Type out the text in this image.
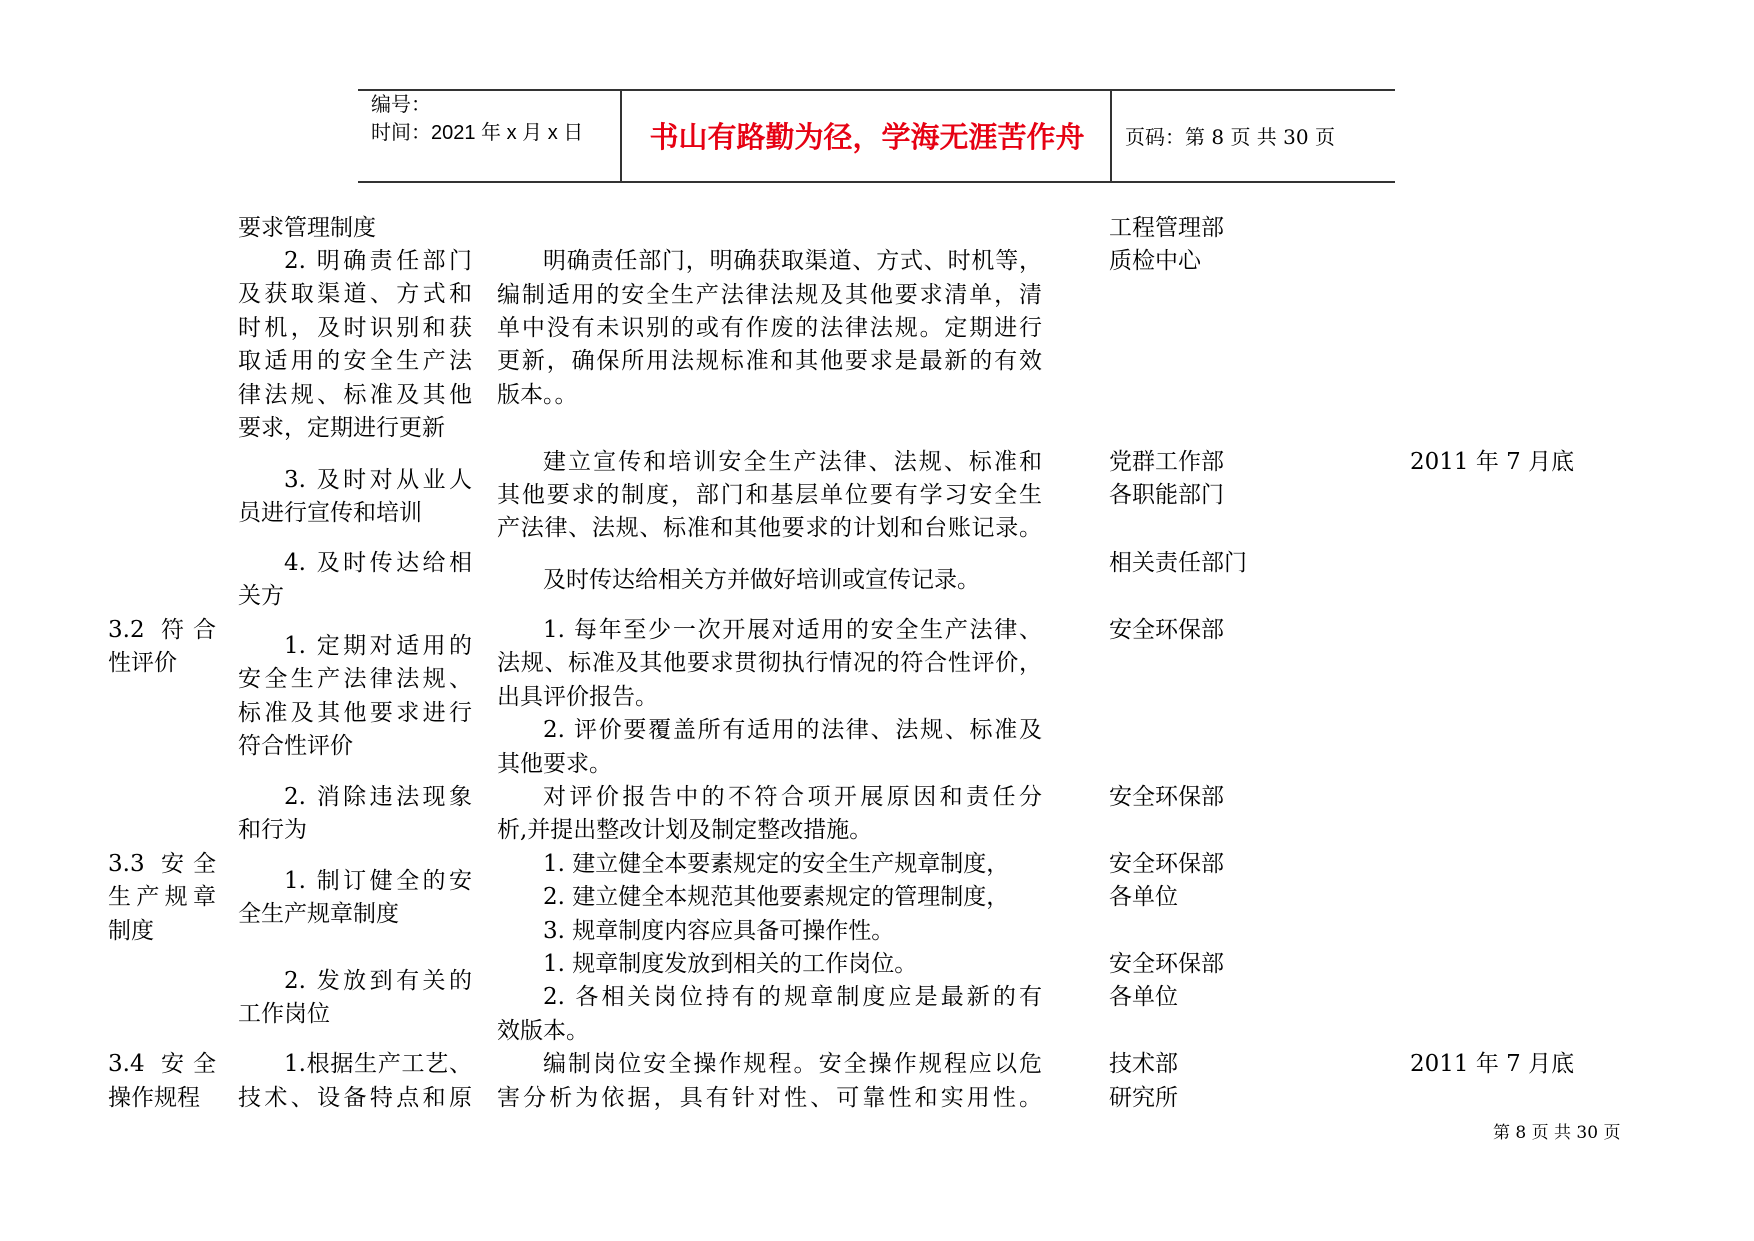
编号：
时间：2021 年 x 月 x 日	书山有路勤为径，学海无涯苦作舟	页码：第 8 页 共 30 页
要求管理制度
2. 明确责任部门
及获取渠道、方式和
时机，及时识别和获
取适用的安全生产法
律法规、标准及其他
要求，定期进行更新
明确责任部门，明确获取渠道、方式、时机等，
编制适用的安全生产法律法规及其他要求清单，清
单中没有未识别的或有作废的法律法规。定期进行
更新，确保所用法规标准和其他要求是最新的有效
版本。。
工程管理部
质检中心
3. 及时对从业人
员进行宣传和培训
建立宣传和培训安全生产法律、法规、标准和
其他要求的制度，部门和基层单位要有学习安全生
产法律、法规、标准和其他要求的计划和台账记录。
党群工作部
各职能部门
2011 年 7 月底
4. 及时传达给相
关方
及时传达给相关方并做好培训或宣传记录。
相关责任部门
3.2 符合
性评价
1. 定期对适用的
安全生产法律法规、
标准及其他要求进行
符合性评价
1. 每年至少一次开展对适用的安全生产法律、
法规、标准及其他要求贯彻执行情况的符合性评价，
出具评价报告。
2. 评价要覆盖所有适用的法律、法规、标准及
其他要求。
安全环保部
2. 消除违法现象
和行为
对评价报告中的不符合项开展原因和责任分
析,并提出整改计划及制定整改措施。
安全环保部
3.3 安全
生产规章
制度
1. 制订健全的安
全生产规章制度
1. 建立健全本要素规定的安全生产规章制度，
2. 建立健全本规范其他要素规定的管理制度，
3. 规章制度内容应具备可操作性。
安全环保部
各单位
2. 发放到有关的
工作岗位
1. 规章制度发放到相关的工作岗位。
2. 各相关岗位持有的规章制度应是最新的有
效版本。
安全环保部
各单位
3.4 安全
操作规程
1.根据生产工艺、
技术、设备特点和原
编制岗位安全操作规程。安全操作规程应以危
害分析为依据，具有针对性、可靠性和实用性。
技术部
研究所
2011 年 7 月底
第 8 页 共 30 页
